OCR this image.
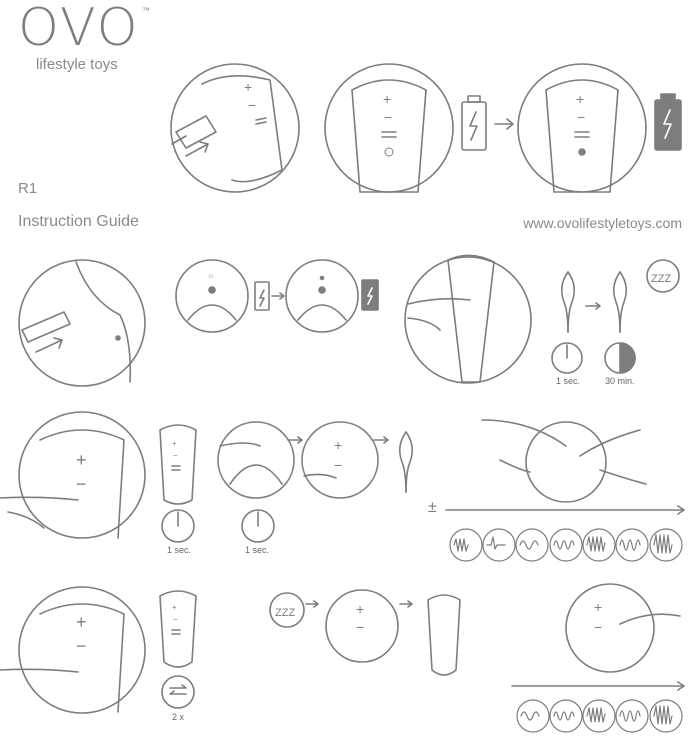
OVO ™
lifestyle toys
R1
Instruction Guide	www.ovolifestyletoys.com
+
−	+
−
+
−
☼	ZZZ
+
−
+
−
+
−
±
+
−
+
−
ZZZ	+
−
+
−
1 sec.	30 min.
1 sec.	1 sec.
2 x
